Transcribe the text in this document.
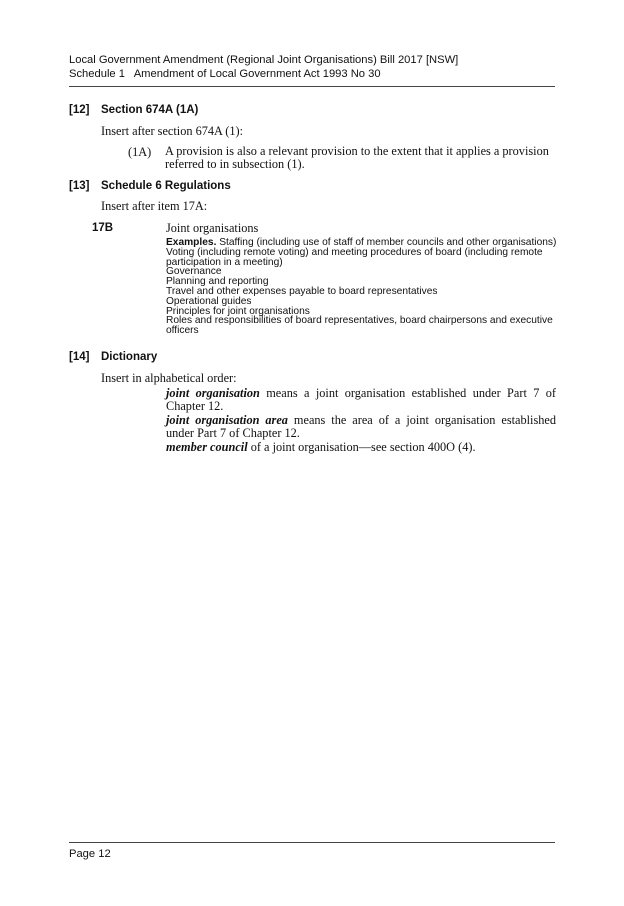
Local Government Amendment (Regional Joint Organisations) Bill 2017 [NSW]
Schedule 1   Amendment of Local Government Act 1993 No 30
[12] Section 674A (1A)
Insert after section 674A (1):
(1A) A provision is also a relevant provision to the extent that it applies a provision referred to in subsection (1).
[13] Schedule 6 Regulations
Insert after item 17A:
17B	Joint organisations
Examples. Staffing (including use of staff of member councils and other organisations)
Voting (including remote voting) and meeting procedures of board (including remote participation in a meeting)
Governance
Planning and reporting
Travel and other expenses payable to board representatives
Operational guides
Principles for joint organisations
Roles and responsibilities of board representatives, board chairpersons and executive officers
[14] Dictionary
Insert in alphabetical order:
joint organisation means a joint organisation established under Part 7 of Chapter 12.
joint organisation area means the area of a joint organisation established under Part 7 of Chapter 12.
member council of a joint organisation—see section 400O (4).
Page 12
